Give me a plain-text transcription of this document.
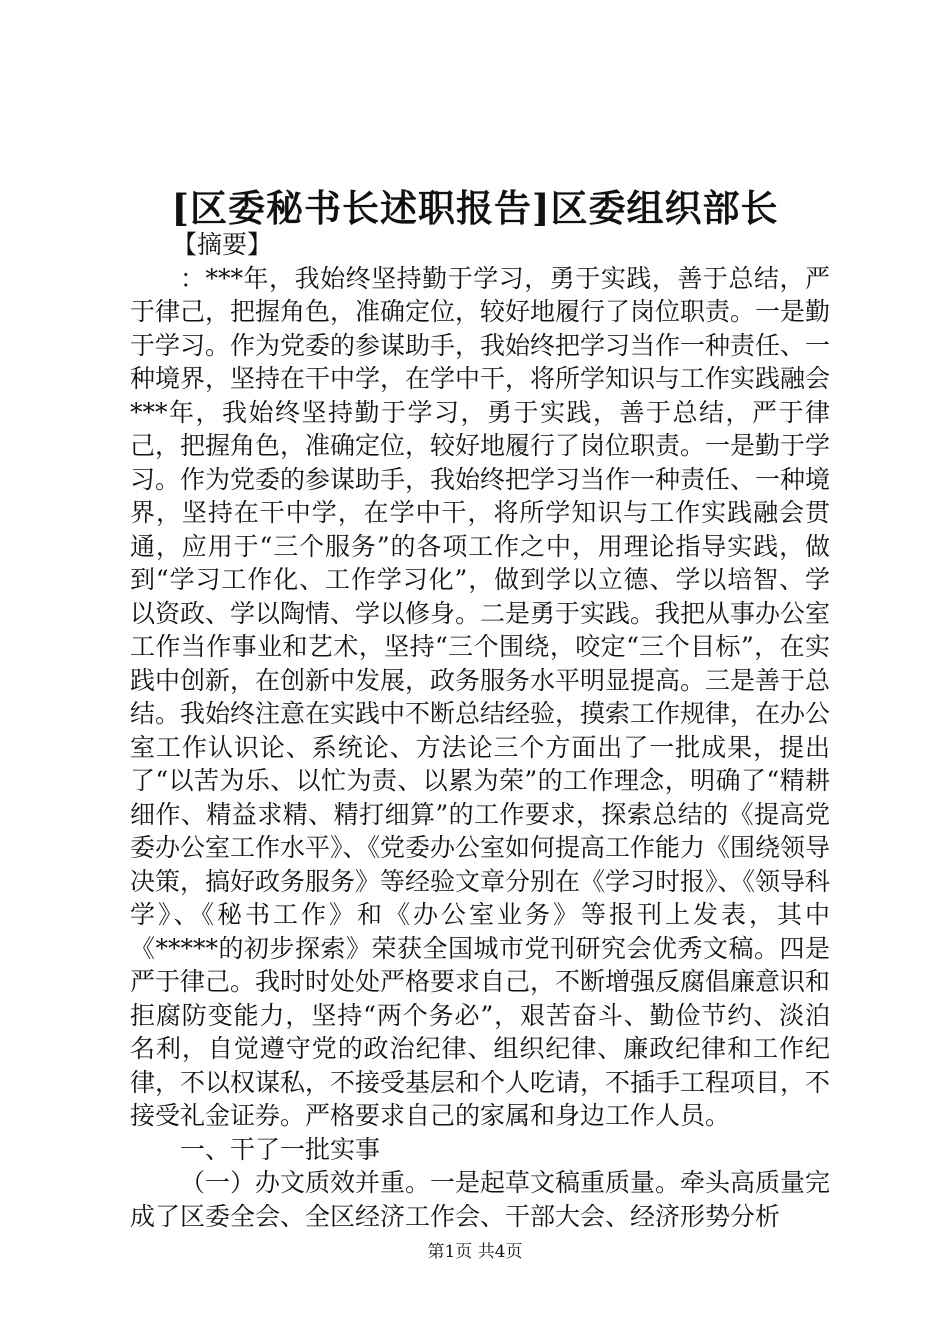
[区委秘书长述职报告]区委组织部长

【摘要】

：***年，我始终坚持勤于学习，勇于实践，善于总结，严于律己，把握角色，准确定位，较好地履行了岗位职责。一是勤于学习。作为党委的参谋助手，我始终把学习当作一种责任、一种境界，坚持在干中学，在学中干，将所学知识与工作实践融会***年，我始终坚持勤于学习，勇于实践，善于总结，严于律己，把握角色，准确定位，较好地履行了岗位职责。一是勤于学习。作为党委的参谋助手，我始终把学习当作一种责任、一种境界，坚持在干中学，在学中干，将所学知识与工作实践融会贯通，应用于“三个服务”的各项工作之中，用理论指导实践，做到“学习工作化、工作学习化”，做到学以立德、学以培智、学以资政、学以陶情、学以修身。二是勇于实践。我把从事办公室工作当作事业和艺术，坚持“三个围绕，咬定“三个目标”，在实践中创新，在创新中发展，政务服务水平明显提高。三是善于总结。我始终注意在实践中不断总结经验，摸索工作规律，在办公室工作认识论、系统论、方法论三个方面出了一批成果，提出了“以苦为乐、以忙为责、以累为荣”的工作理念，明确了“精耕细作、精益求精、精打细算”的工作要求，探索总结的《提高党委办公室工作水平》、《党委办公室如何提高工作能力《围绕领导决策，搞好政务服务》等经验文章分别在《学习时报》、《领导科学》、《秘书工作》和《办公室业务》等报刊上发表，其中《*****的初步探索》荣获全国城市党刊研究会优秀文稿。四是严于律己。我时时处处严格要求自己，不断增强反腐倡廉意识和拒腐防变能力，坚持“两个务必”，艰苦奋斗、勤俭节约、淡泊名利，自觉遵守党的政治纪律、组织纪律、廉政纪律和工作纪律，不以权谋私，不接受基层和个人吃请，不插手工程项目，不接受礼金证券。严格要求自己的家属和身边工作人员。

一、干了一批实事

（一）办文质效并重。一是起草文稿重质量。牵头高质量完成了区委全会、全区经济工作会、干部大会、经济形势分析

第1页 共4页
